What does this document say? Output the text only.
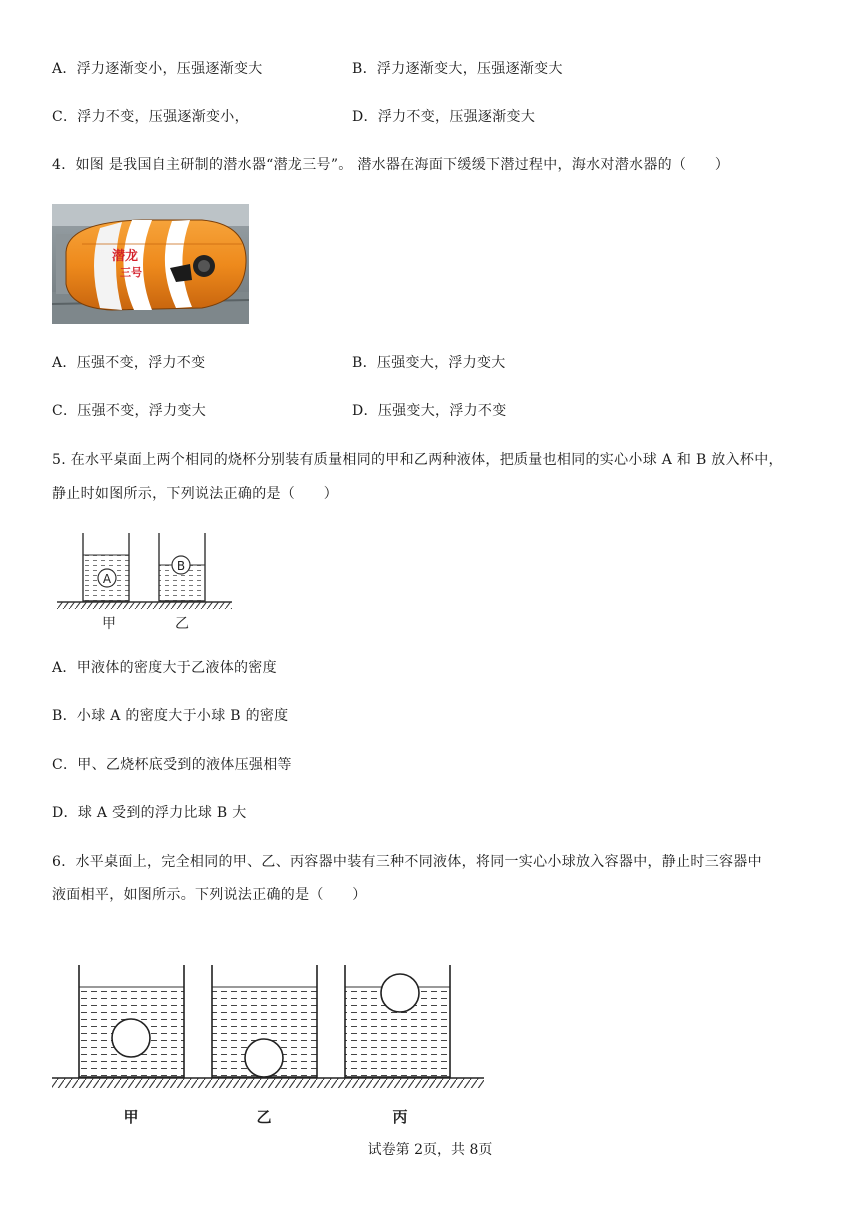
A．浮力逐渐变小，压强逐渐变大	B．浮力逐渐变大，压强逐渐变大
C．浮力不变，压强逐渐变小，	D．浮力不变，压强逐渐变大
4．如图 是我国自主研制的潜水器“潜龙三号”。 潜水器在海面下缓缓下潜过程中，海水对潜水器的（　　）
潜龙
三号
A．压强不变，浮力不变	B．压强变大，浮力变大
C．压强不变，浮力变大	D．压强变大，浮力不变
5. 在水平桌面上两个相同的烧杯分别装有质量相同的甲和乙两种液体，把质量也相同的实心小球 A 和 B 放入杯中，
静止时如图所示，下列说法正确的是（　　）
A
B
甲	乙
A．甲液体的密度大于乙液体的密度
B．小球 A 的密度大于小球 B 的密度
C．甲、乙烧杯底受到的液体压强相等
D．球 A 受到的浮力比球 B 大
6．水平桌面上，完全相同的甲、乙、丙容器中装有三种不同液体，将同一实心小球放入容器中，静止时三容器中
液面相平，如图所示。下列说法正确的是（　　）
甲	乙	丙
试卷第 2页，共 8页
